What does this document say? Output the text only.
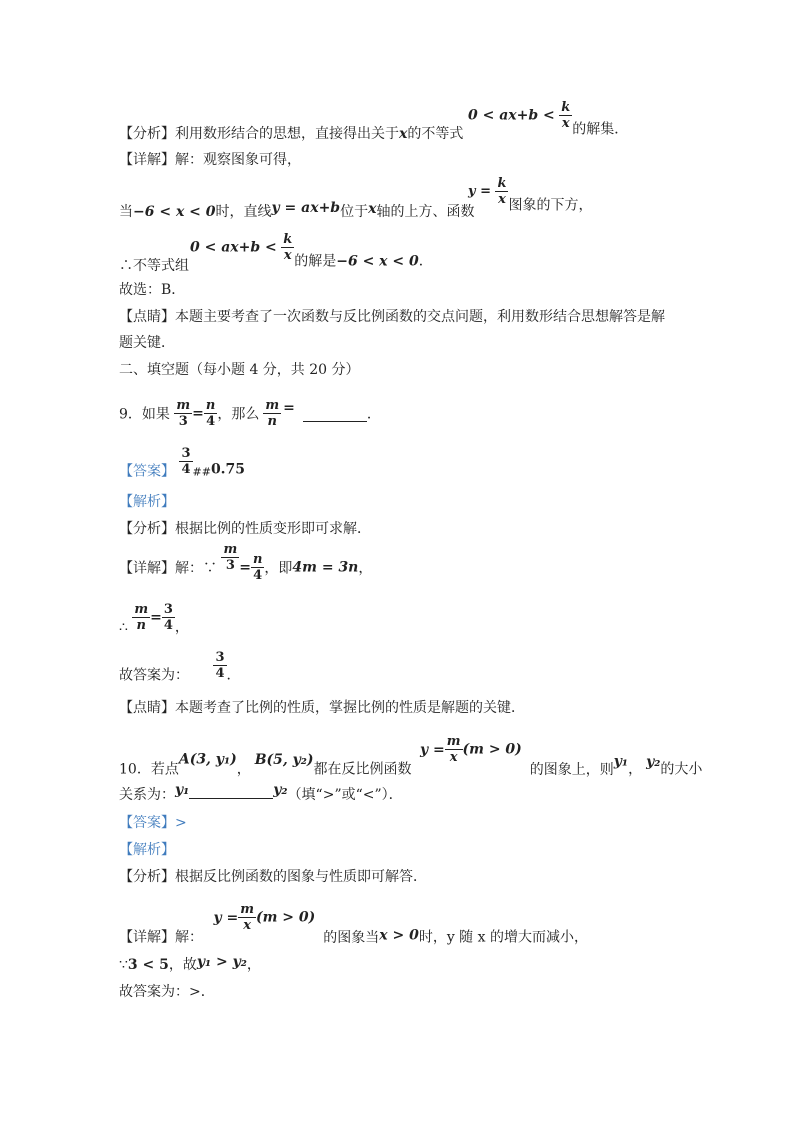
【分析】利用数形结合的思想，直接得出关于x的不等式
$0 < ax+b < \frac{k}{x}$ 的解集．
【详解】解：观察图象可得，
当−6 < x < 0时，直线y = ax+b位于x轴的上方、函数
$y = \frac{k}{x}$ 图象的下方，
∴不等式组
$0 < ax+b < \frac{k}{x}$ 的解是−6 < x < 0．
故选：B．
【点睛】本题主要考查了一次函数与反比例函数的交点问题，利用数形结合思想解答是解
题关键．
二、填空题（每小题 4 分，共 20 分）
9．如果 $\frac{m}{3} = \frac{n}{4}$ ，那么 $\frac{m}{n}$ =	．
【答案】 $\frac{3}{4} _{\#\#}0.75$
【解析】
【分析】根据比例的性质变形即可求解．
【详解】解：∵ $\frac{m}{3} = \frac{n}{4}$ ，即4m = 3n，
∴ $\frac{m}{n} = \frac{3}{4}$ ，
故答案为： $\frac{3}{4}$ ．
【点睛】本题考查了比例的性质，掌握比例的性质是解题的关键．
10．若点A(3, y₁)，B(5, y₂)都在反比例函数 $y = \frac{m}{x} (m > 0)$的图象上，则y₁， y₂的大小
关系为：y₁	y₂（填“>”或“<”）．
【答案】>
【解析】
【分析】根据反比例函数的图象与性质即可解答．
【详解】解： $y = \frac{m}{x} (m > 0)$的图象当x > 0时，y 随 x 的增大而减小，
∵3 < 5，故y₁ > y₂，
故答案为：>．
